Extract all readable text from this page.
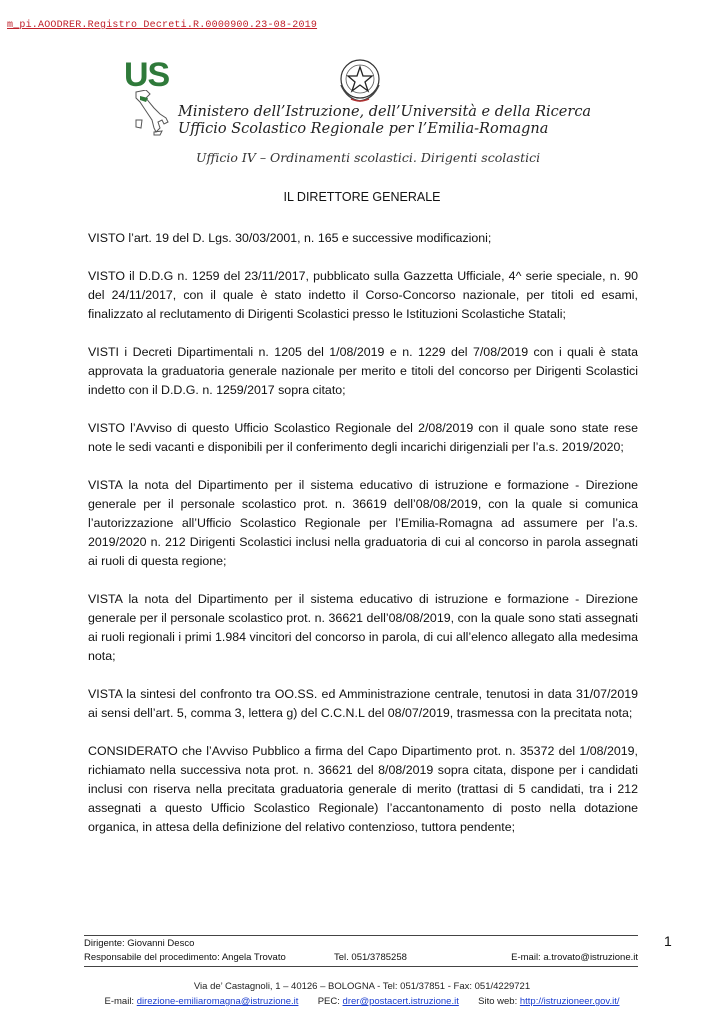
m_pi.AOODRER.Registro Decreti.R.0000900.23-08-2019
US
Ministero dell’Istruzione, dell’Università e della Ricerca
Ufficio Scolastico Regionale per l’Emilia-Romagna
Ufficio IV – Ordinamenti scolastici. Dirigenti scolastici
IL DIRETTORE GENERALE

VISTO l’art. 19 del D. Lgs. 30/03/2001, n. 165 e successive modificazioni;

VISTO il D.D.G n. 1259 del 23/11/2017, pubblicato sulla Gazzetta Ufficiale, 4^ serie speciale, n. 90 del 24/11/2017, con il quale è stato indetto il Corso-Concorso nazionale, per titoli ed esami, finalizzato al reclutamento di Dirigenti Scolastici presso le Istituzioni Scolastiche Statali;

VISTI i Decreti Dipartimentali n. 1205 del 1/08/2019 e n. 1229 del 7/08/2019 con i quali è stata approvata la graduatoria generale nazionale per merito e titoli del concorso per Dirigenti Scolastici indetto con il D.D.G. n. 1259/2017 sopra citato;

VISTO l’Avviso di questo Ufficio Scolastico Regionale del 2/08/2019 con il quale sono state rese note le sedi vacanti e disponibili per il conferimento degli incarichi dirigenziali per l’a.s. 2019/2020;

VISTA la nota del Dipartimento per il sistema educativo di istruzione e formazione - Direzione generale per il personale scolastico prot. n. 36619 dell’08/08/2019, con la quale si comunica l’autorizzazione all’Ufficio Scolastico Regionale per l’Emilia-Romagna ad assumere per l’a.s. 2019/2020 n. 212 Dirigenti Scolastici inclusi nella graduatoria di cui al concorso in parola assegnati ai ruoli di questa regione;

VISTA la nota del Dipartimento per il sistema educativo di istruzione e formazione - Direzione generale per il personale scolastico prot. n. 36621 dell’08/08/2019, con la quale sono stati assegnati ai ruoli regionali i primi 1.984 vincitori del concorso in parola, di cui all’elenco allegato alla medesima nota;

VISTA la sintesi del confronto tra OO.SS. ed Amministrazione centrale, tenutosi in data 31/07/2019 ai sensi dell’art. 5, comma 3, lettera g) del C.C.N.L del 08/07/2019, trasmessa con la precitata nota;

CONSIDERATO che l’Avviso Pubblico a firma del Capo Dipartimento prot. n. 35372 del 1/08/2019, richiamato nella successiva nota prot. n. 36621 del 8/08/2019 sopra citata, dispone per i candidati inclusi con riserva nella precitata graduatoria generale di merito (trattasi di 5 candidati, tra i 212 assegnati a questo Ufficio Scolastico Regionale) l’accantonamento di posto nella dotazione organica, in attesa della definizione del relativo contenzioso, tuttora pendente;

Dirigente: Giovanni Desco
Responsabile del procedimento: Angela Trovato	Tel. 051/3785258	E-mail: a.trovato@istruzione.it
1
Via de’ Castagnoli, 1 – 40126 – BOLOGNA - Tel: 051/37851 - Fax: 051/4229721
E-mail: direzione-emiliaromagna@istruzione.it PEC: drer@postacert.istruzione.it Sito web: http://istruzioneer.gov.it/
